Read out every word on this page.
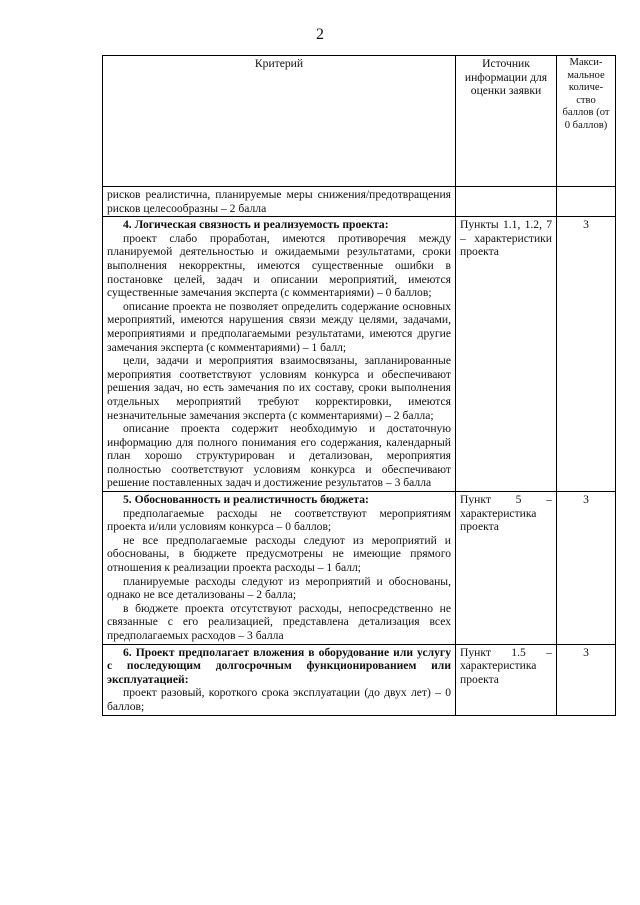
2
Критерий	Источник информации для оценки заявки	Макси-мальное количе-ство баллов (от 0 баллов)

рисков реалистична, планируемые меры снижения/предотвращения рисков целесообразны – 2 балла		

4. Логическая связность и реализуемость проекта:

проект слабо проработан, имеются противоречия между планируемой деятельностью и ожидаемыми результатами, сроки выполнения некорректны, имеются существенные ошибки в постановке целей, задач и описании мероприятий, имеются существенные замечания эксперта (с комментариями) – 0 баллов;

описание проекта не позволяет определить содержание основных мероприятий, имеются нарушения связи между целями, задачами, мероприятиями и предполагаемыми результатами, имеются другие замечания эксперта (с комментариями) – 1 балл;

цели, задачи и мероприятия взаимосвязаны, запланированные мероприятия соответствуют условиям конкурса и обеспечивают решения задач, но есть замечания по их составу, сроки выполнения отдельных мероприятий требуют корректировки, имеются незначительные замечания эксперта (с комментариями) – 2 балла;

описание проекта содержит необходимую и достаточную информацию для полного понимания его содержания, календарный план хорошо структурирован и детализован, мероприятия полностью соответствуют условиям конкурса и обеспечивают решение поставленных задач и достижение результатов – 3 балла	Пункты 1.1, 1.2, 7 – характеристики проекта	3

5. Обоснованность и реалистичность бюджета:

предполагаемые расходы не соответствуют мероприятиям проекта и/или условиям конкурса – 0 баллов;

не все предполагаемые расходы следуют из мероприятий и обоснованы, в бюджете предусмотрены не имеющие прямого отношения к реализации проекта расходы – 1 балл;

планируемые расходы следуют из мероприятий и обоснованы, однако не все детализованы – 2 балла;

в бюджете проекта отсутствуют расходы, непосредственно не связанные с его реализацией, представлена детализация всех предполагаемых расходов – 3 балла	Пункт 5 – характеристика проекта	3

6. Проект предполагает вложения в оборудование или услугу с последующим долгосрочным функционированием или эксплуатацией:

проект разовый, короткого срока эксплуатации (до двух лет) – 0 баллов;	Пункт 1.5 – характеристика проекта	3
